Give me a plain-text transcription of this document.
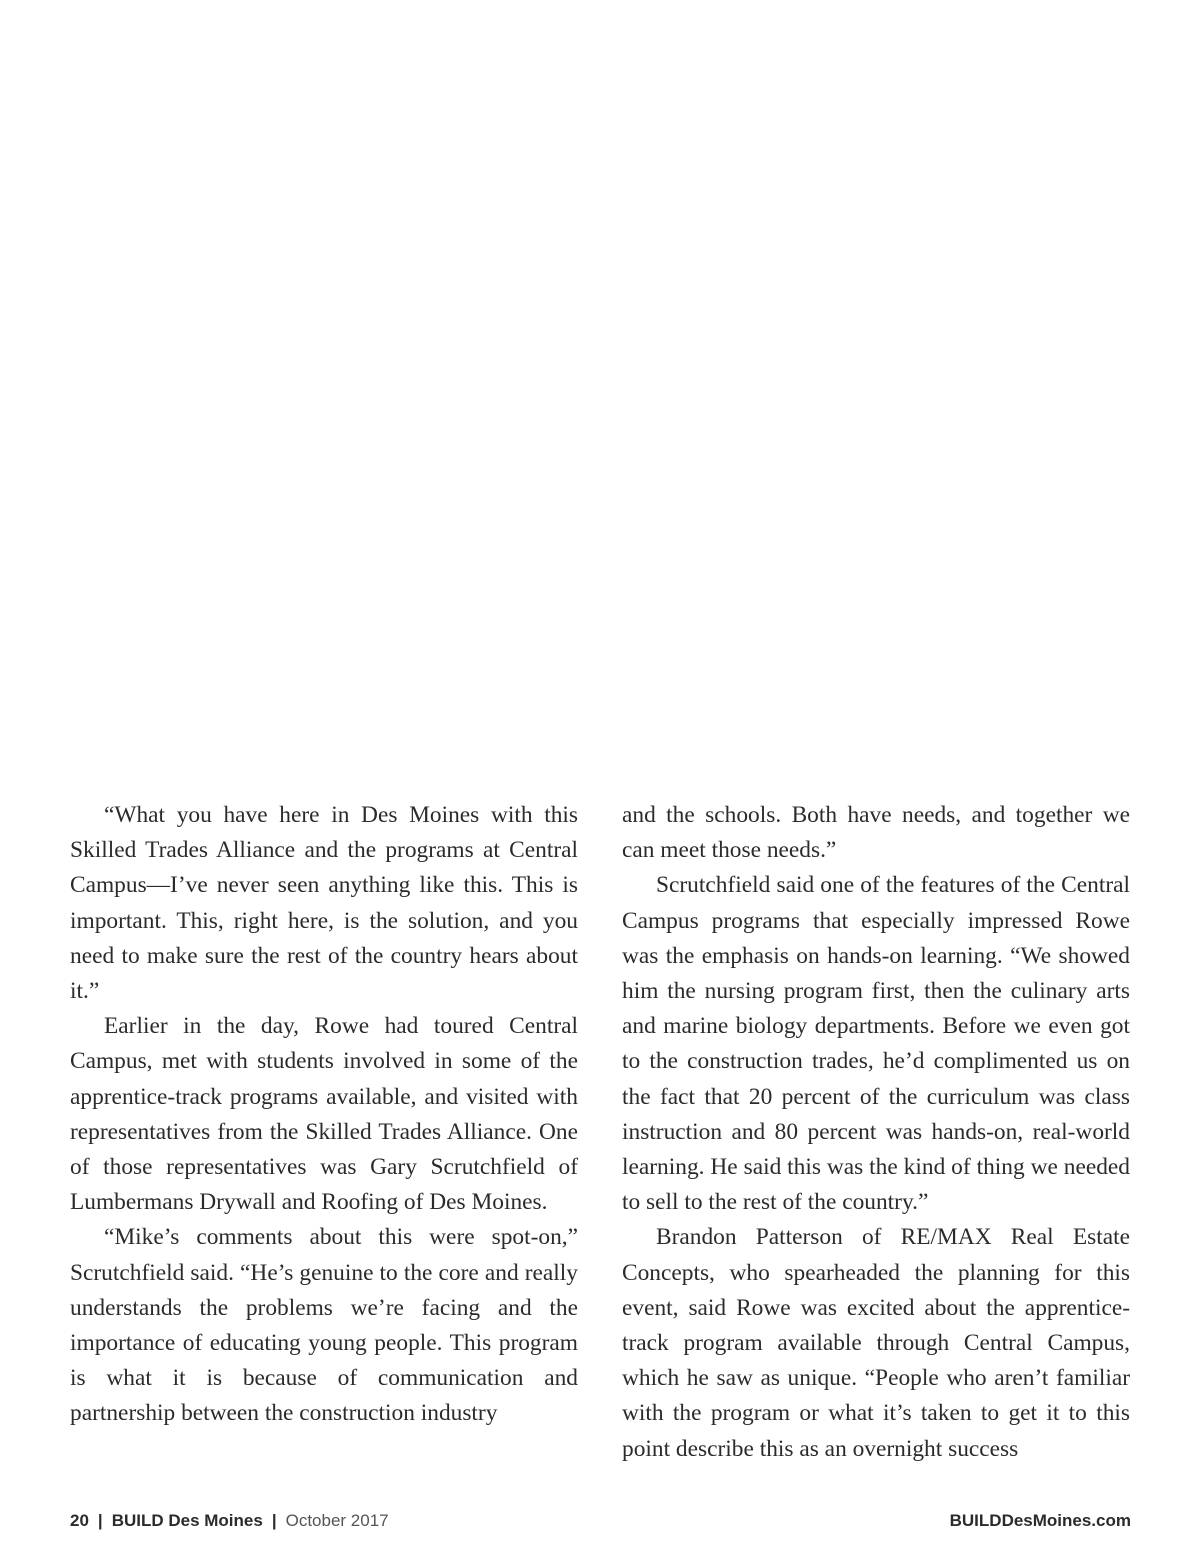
“What you have here in Des Moines with this Skilled Trades Alliance and the programs at Central Campus—I’ve never seen anything like this. This is important. This, right here, is the solution, and you need to make sure the rest of the country hears about it.”

Earlier in the day, Rowe had toured Central Campus, met with students involved in some of the apprentice-track programs available, and visited with representatives from the Skilled Trades Alliance. One of those representatives was Gary Scrutchfield of Lumbermans Drywall and Roofing of Des Moines.

“Mike’s comments about this were spot-on,” Scrutchfield said. “He’s genuine to the core and really understands the problems we’re facing and the importance of educating young people. This program is what it is because of communication and partnership between the construction industry

and the schools. Both have needs, and together we can meet those needs.”

Scrutchfield said one of the features of the Central Campus programs that especially impressed Rowe was the emphasis on hands-on learning. “We showed him the nursing program first, then the culinary arts and marine biology departments. Before we even got to the construction trades, he’d complimented us on the fact that 20 percent of the curriculum was class instruction and 80 percent was hands-on, real-world learning. He said this was the kind of thing we needed to sell to the rest of the country.”

Brandon Patterson of RE/MAX Real Estate Concepts, who spearheaded the planning for this event, said Rowe was excited about the apprentice-track program available through Central Campus, which he saw as unique. “People who aren’t familiar with the program or what it’s taken to get it to this point describe this as an overnight success

20 | BUILD Des Moines | October 2017	BUILDDesMoines.com
